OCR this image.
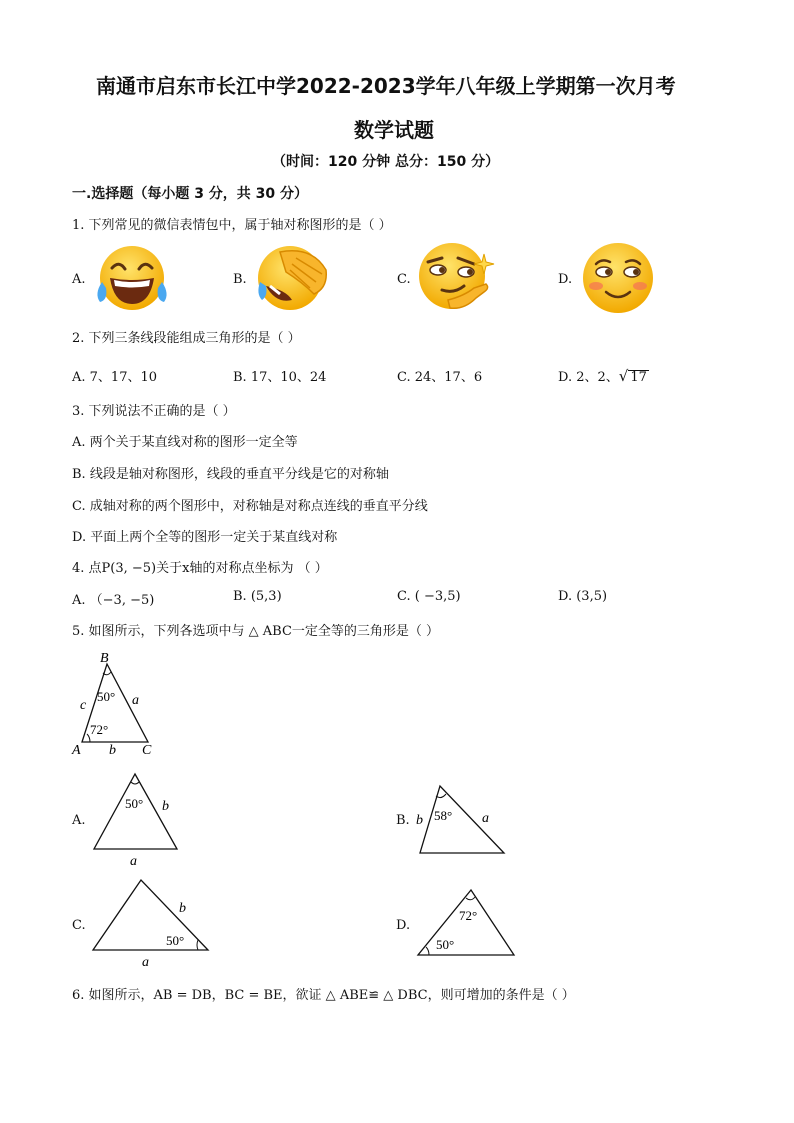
南通市启东市长江中学2022-2023学年八年级上学期第一次月考
数学试题
（时间：120 分钟 总分：150 分）
一.选择题（每小题 3 分，共 30 分）
1. 下列常见的微信表情包中，属于轴对称图形的是（ ）
A.	B.	C.	D.
2. 下列三条线段能组成三角形的是（ ）
A. 7、17、10	B. 17、10、24	C. 24、17、6	D. 2、2、√ 17
3. 下列说法不正确的是（ ）
A. 两个关于某直线对称的图形一定全等
B. 线段是轴对称图形，线段的垂直平分线是它的对称轴
C. 成轴对称的两个图形中，对称轴是对称点连线的垂直平分线
D. 平面上两个全等的图形一定关于某直线对称
4. 点P(3, −5)关于x轴的对称点坐标为 （ ）
A. （−3, −5)	B. (5,3)	C. ( −3,5)	D. (3,5)
5. 如图所示，下列各选项中与 △ ABC一定全等的三角形是（ ）
B
A	C
c	a
b
50°
72°
A.
50° b
a
B. 58°
b	a
C.
50°
b
a
D.
72°
50°
6. 如图所示，AB = DB，BC = BE，欲证 △ ABE≌ △ DBC，则可增加的条件是（ ）
